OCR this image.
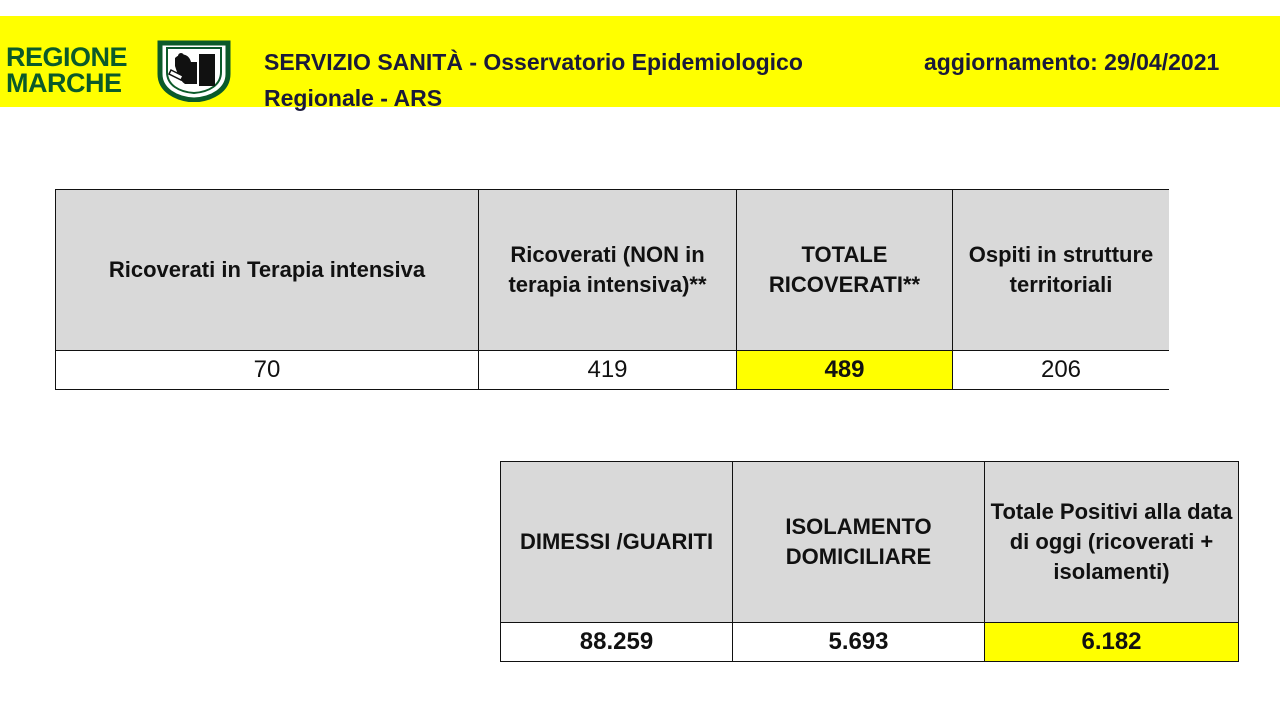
REGIONE
MARCHE
SERVIZIO SANITÀ - Osservatorio Epidemiologico
Regionale - ARS
aggiornamento: 29/04/2021
Ricoverati in Terapia intensiva	Ricoverati (NON in terapia intensiva)**	TOTALE RICOVERATI**	Ospiti in strutture territoriali
70	419	489	206
DIMESSI /GUARITI	ISOLAMENTO DOMICILIARE	Totale Positivi alla data di oggi (ricoverati + isolamenti)
88.259	5.693	6.182
